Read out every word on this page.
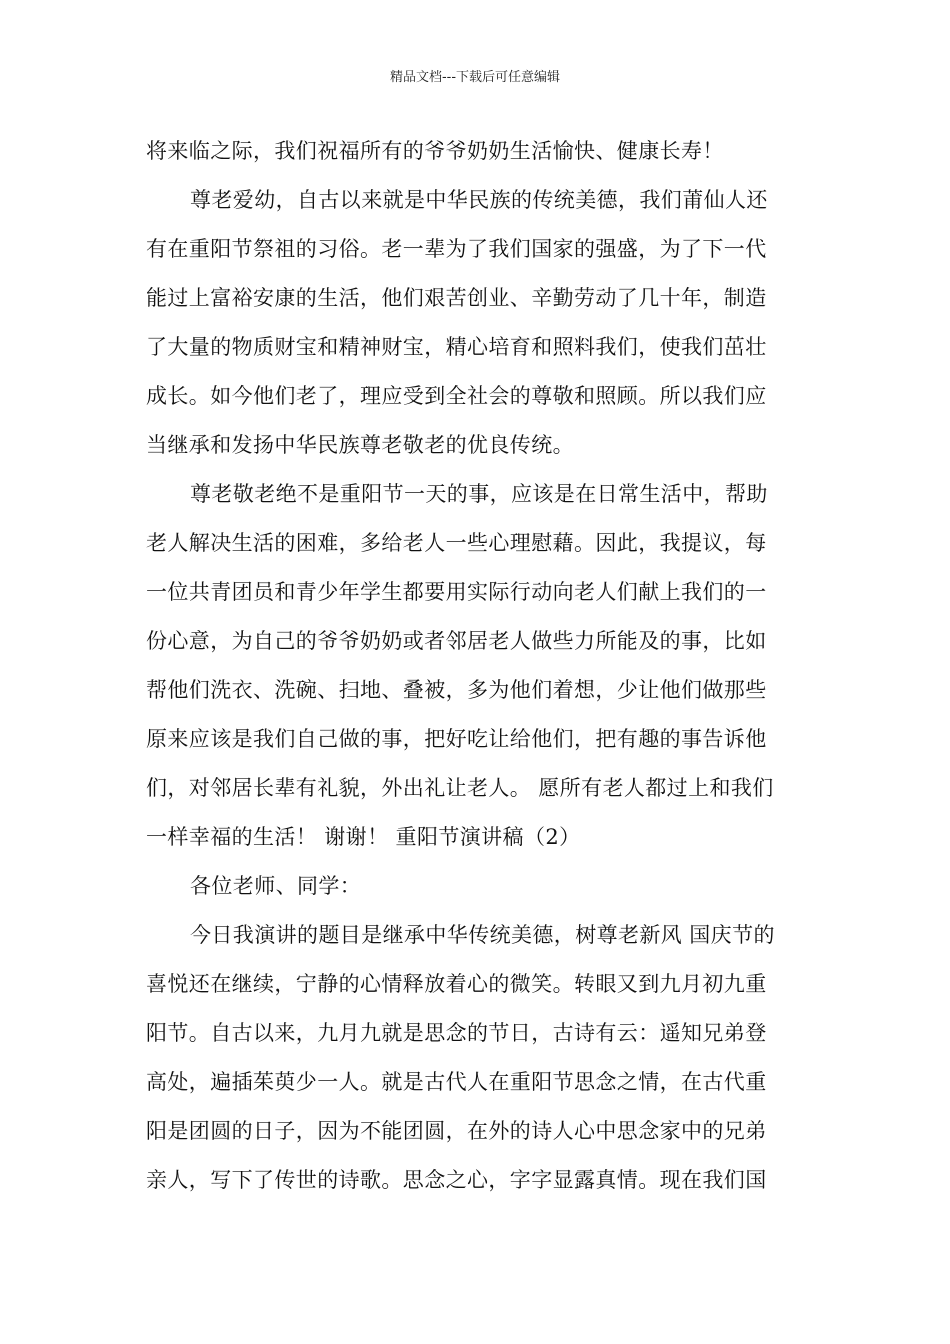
精品文档---下载后可任意编辑
将来临之际，我们祝福所有的爷爷奶奶生活愉快、健康长寿！
尊老爱幼，自古以来就是中华民族的传统美德，我们莆仙人还
有在重阳节祭祖的习俗。老一辈为了我们国家的强盛，为了下一代
能过上富裕安康的生活，他们艰苦创业、辛勤劳动了几十年，制造
了大量的物质财宝和精神财宝，精心培育和照料我们，使我们茁壮
成长。如今他们老了，理应受到全社会的尊敬和照顾。所以我们应
当继承和发扬中华民族尊老敬老的优良传统。
尊老敬老绝不是重阳节一天的事，应该是在日常生活中，帮助
老人解决生活的困难，多给老人一些心理慰藉。因此，我提议，每
一位共青团员和青少年学生都要用实际行动向老人们献上我们的一
份心意，为自己的爷爷奶奶或者邻居老人做些力所能及的事，比如
帮他们洗衣、洗碗、扫地、叠被，多为他们着想，少让他们做那些
原来应该是我们自己做的事，把好吃让给他们，把有趣的事告诉他
们，对邻居长辈有礼貌，外出礼让老人。 愿所有老人都过上和我们
一样幸福的生活！ 谢谢！ 重阳节演讲稿（2）
各位老师、同学：
今日我演讲的题目是继承中华传统美德，树尊老新风 国庆节的
喜悦还在继续，宁静的心情释放着心的微笑。转眼又到九月初九重
阳节。自古以来，九月九就是思念的节日，古诗有云：遥知兄弟登
高处，遍插茱萸少一人。就是古代人在重阳节思念之情，在古代重
阳是团圆的日子，因为不能团圆，在外的诗人心中思念家中的兄弟
亲人，写下了传世的诗歌。思念之心，字字显露真情。现在我们国
